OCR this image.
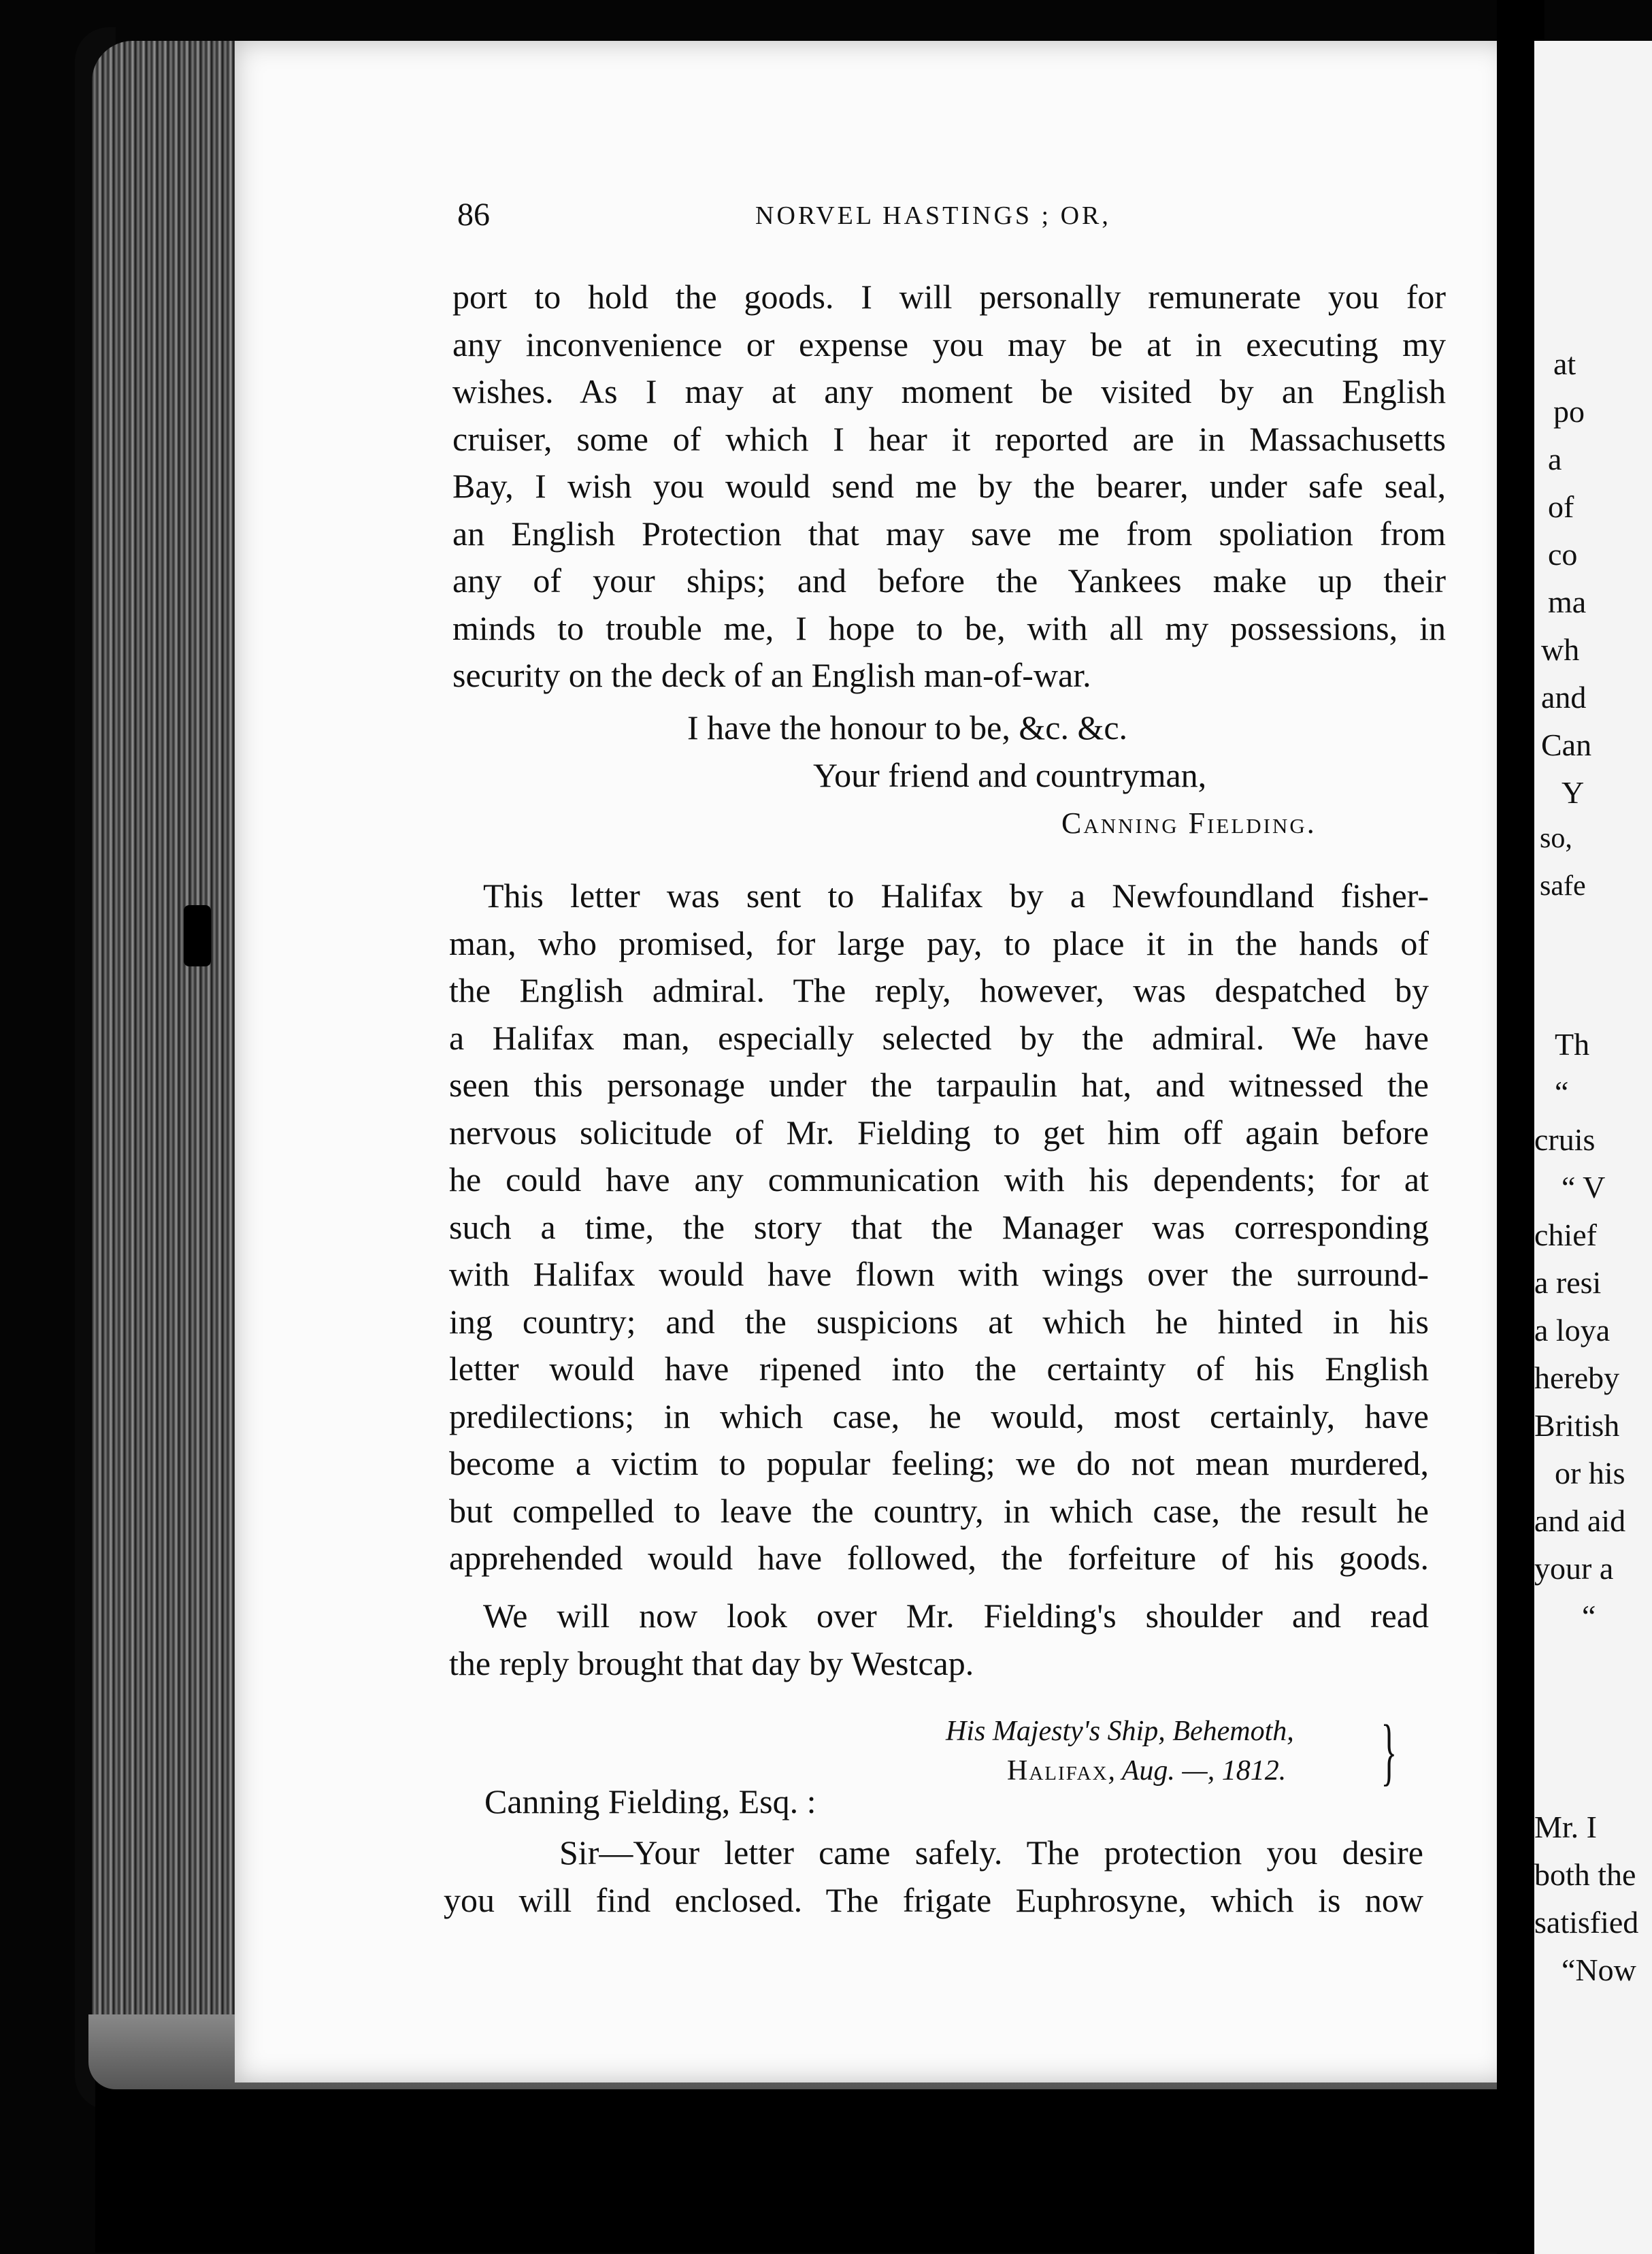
at
po
a
of
co
ma
wh
and
Can
Y
so,
safe
Th
“
cruis
“ V
chief
a resi
a loya
hereby
British
or his
and aid
your a
“
Mr. I
both the
satisfied
“Now
86	NORVEL HASTINGS ; OR,
port to hold the goods. I will personally remunerate you for
any inconvenience or expense you may be at in executing my
wishes. As I may at any moment be visited by an English
cruiser, some of which I hear it reported are in Massachusetts
Bay, I wish you would send me by the bearer, under safe seal,
an English Protection that may save me from spoliation from
any of your ships; and before the Yankees make up their
minds to trouble me, I hope to be, with all my possessions, in
security on the deck of an English man-of-war.
I have the honour to be, &c. &c.
Your friend and countryman,
Canning Fielding.
This letter was sent to Halifax by a Newfoundland fisher-
man, who promised, for large pay, to place it in the hands of
the English admiral. The reply, however, was despatched by
a Halifax man, especially selected by the admiral. We have
seen this personage under the tarpaulin hat, and witnessed the
nervous solicitude of Mr. Fielding to get him off again before
he could have any communication with his dependents; for at
such a time, the story that the Manager was corresponding
with Halifax would have flown with wings over the surround-
ing country; and the suspicions at which he hinted in his
letter would have ripened into the certainty of his English
predilections; in which case, he would, most certainly, have
become a victim to popular feeling; we do not mean murdered,
but compelled to leave the country, in which case, the result he
apprehended would have followed, the forfeiture of his goods.
We will now look over Mr. Fielding's shoulder and read
the reply brought that day by Westcap.
His Majesty's Ship, Behemoth,
Halifax, Aug. —, 1812. }
Canning Fielding, Esq. :
Sir—Your letter came safely. The protection you desire
you will find enclosed. The frigate Euphrosyne, which is now
